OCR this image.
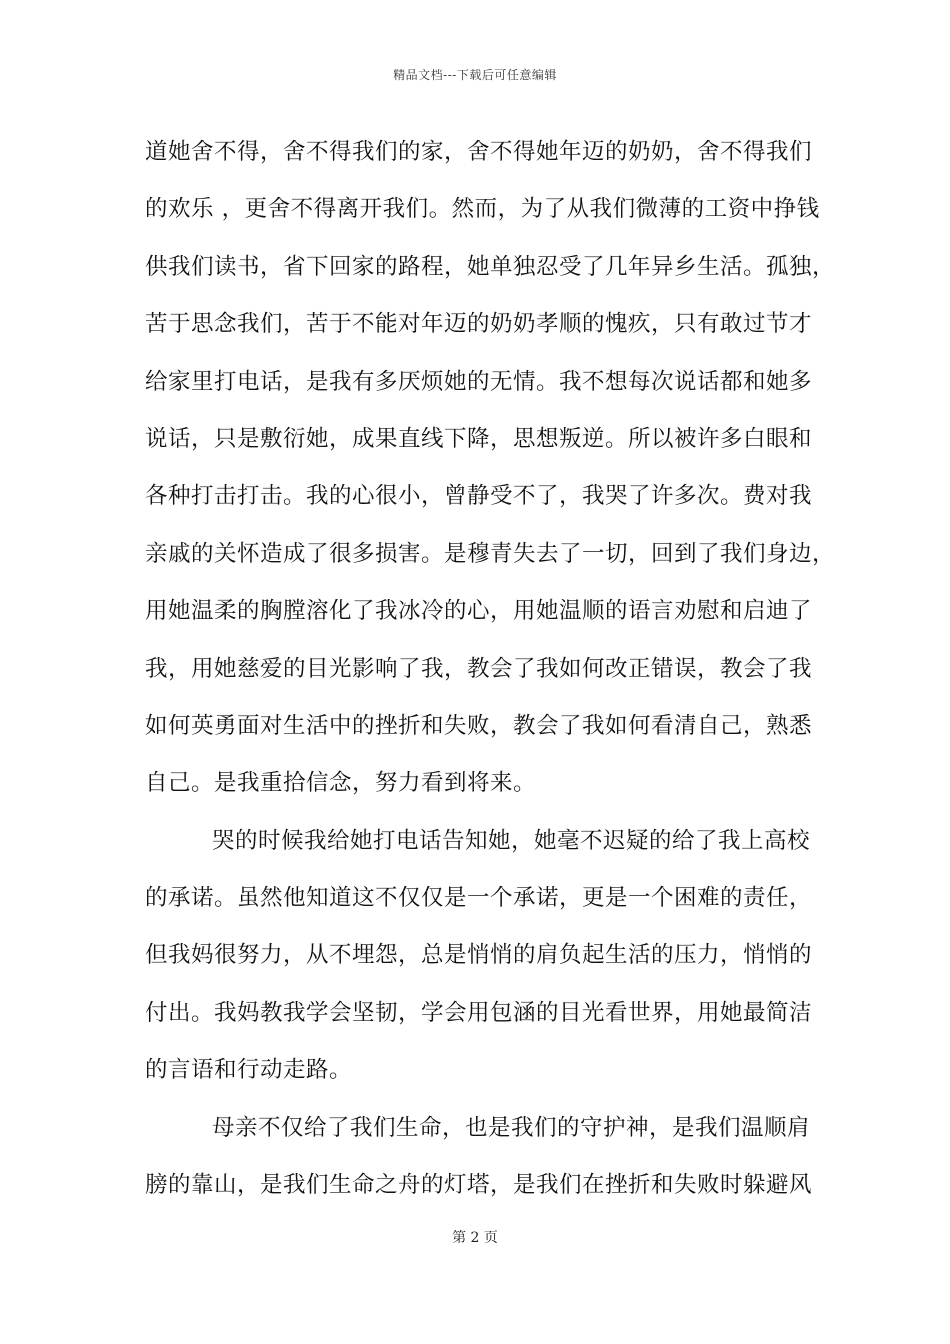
精品文档---下载后可任意编辑
道她舍不得，舍不得我们的家，舍不得她年迈的奶奶，舍不得我们
的欢乐 ，更舍不得离开我们。然而，为了从我们微薄的工资中挣钱
供我们读书，省下回家的路程，她单独忍受了几年异乡生活。孤独，
苦于思念我们，苦于不能对年迈的奶奶孝顺的愧疚，只有敢过节才
给家里打电话，是我有多厌烦她的无情。我不想每次说话都和她多
说话，只是敷衍她，成果直线下降，思想叛逆。所以被许多白眼和
各种打击打击。我的心很小，曾静受不了，我哭了许多次。费对我
亲戚的关怀造成了很多损害。是穆青失去了一切，回到了我们身边，
用她温柔的胸膛溶化了我冰冷的心，用她温顺的语言劝慰和启迪了
我，用她慈爱的目光影响了我，教会了我如何改正错误，教会了我
如何英勇面对生活中的挫折和失败，教会了我如何看清自己，熟悉
自己。是我重拾信念，努力看到将来。
哭的时候我给她打电话告知她，她毫不迟疑的给了我上高校
的承诺。虽然他知道这不仅仅是一个承诺，更是一个困难的责任，
但我妈很努力，从不埋怨，总是悄悄的肩负起生活的压力，悄悄的
付出。我妈教我学会坚韧，学会用包涵的目光看世界，用她最简洁
的言语和行动走路。
母亲不仅给了我们生命，也是我们的守护神，是我们温顺肩
膀的靠山，是我们生命之舟的灯塔，是我们在挫折和失败时躲避风
第 2 页
